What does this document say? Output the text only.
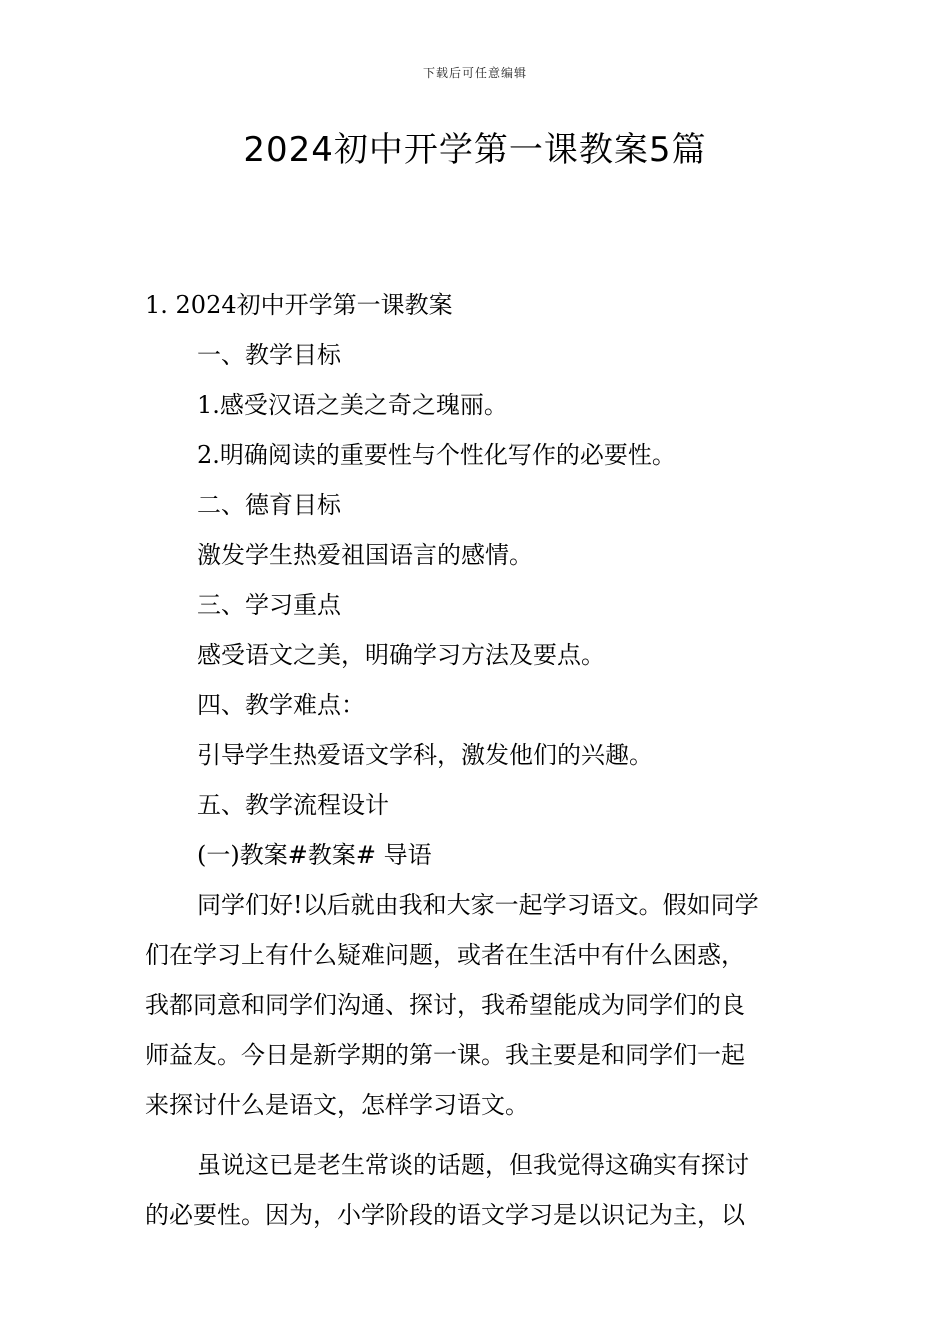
下载后可任意编辑
2024初中开学第一课教案5篇
1. 2024初中开学第一课教案
一、教学目标
1.感受汉语之美之奇之瑰丽。
2.明确阅读的重要性与个性化写作的必要性。
二、德育目标
激发学生热爱祖国语言的感情。
三、学习重点
感受语文之美，明确学习方法及要点。
四、教学难点：
引导学生热爱语文学科，激发他们的兴趣。
五、教学流程设计
(一)教案#教案# 导语
同学们好!以后就由我和大家一起学习语文。假如同学
们在学习上有什么疑难问题，或者在生活中有什么困惑，
我都同意和同学们沟通、探讨，我希望能成为同学们的良
师益友。今日是新学期的第一课。我主要是和同学们一起
来探讨什么是语文，怎样学习语文。
虽说这已是老生常谈的话题，但我觉得这确实有探讨
的必要性。因为，小学阶段的语文学习是以识记为主，以
